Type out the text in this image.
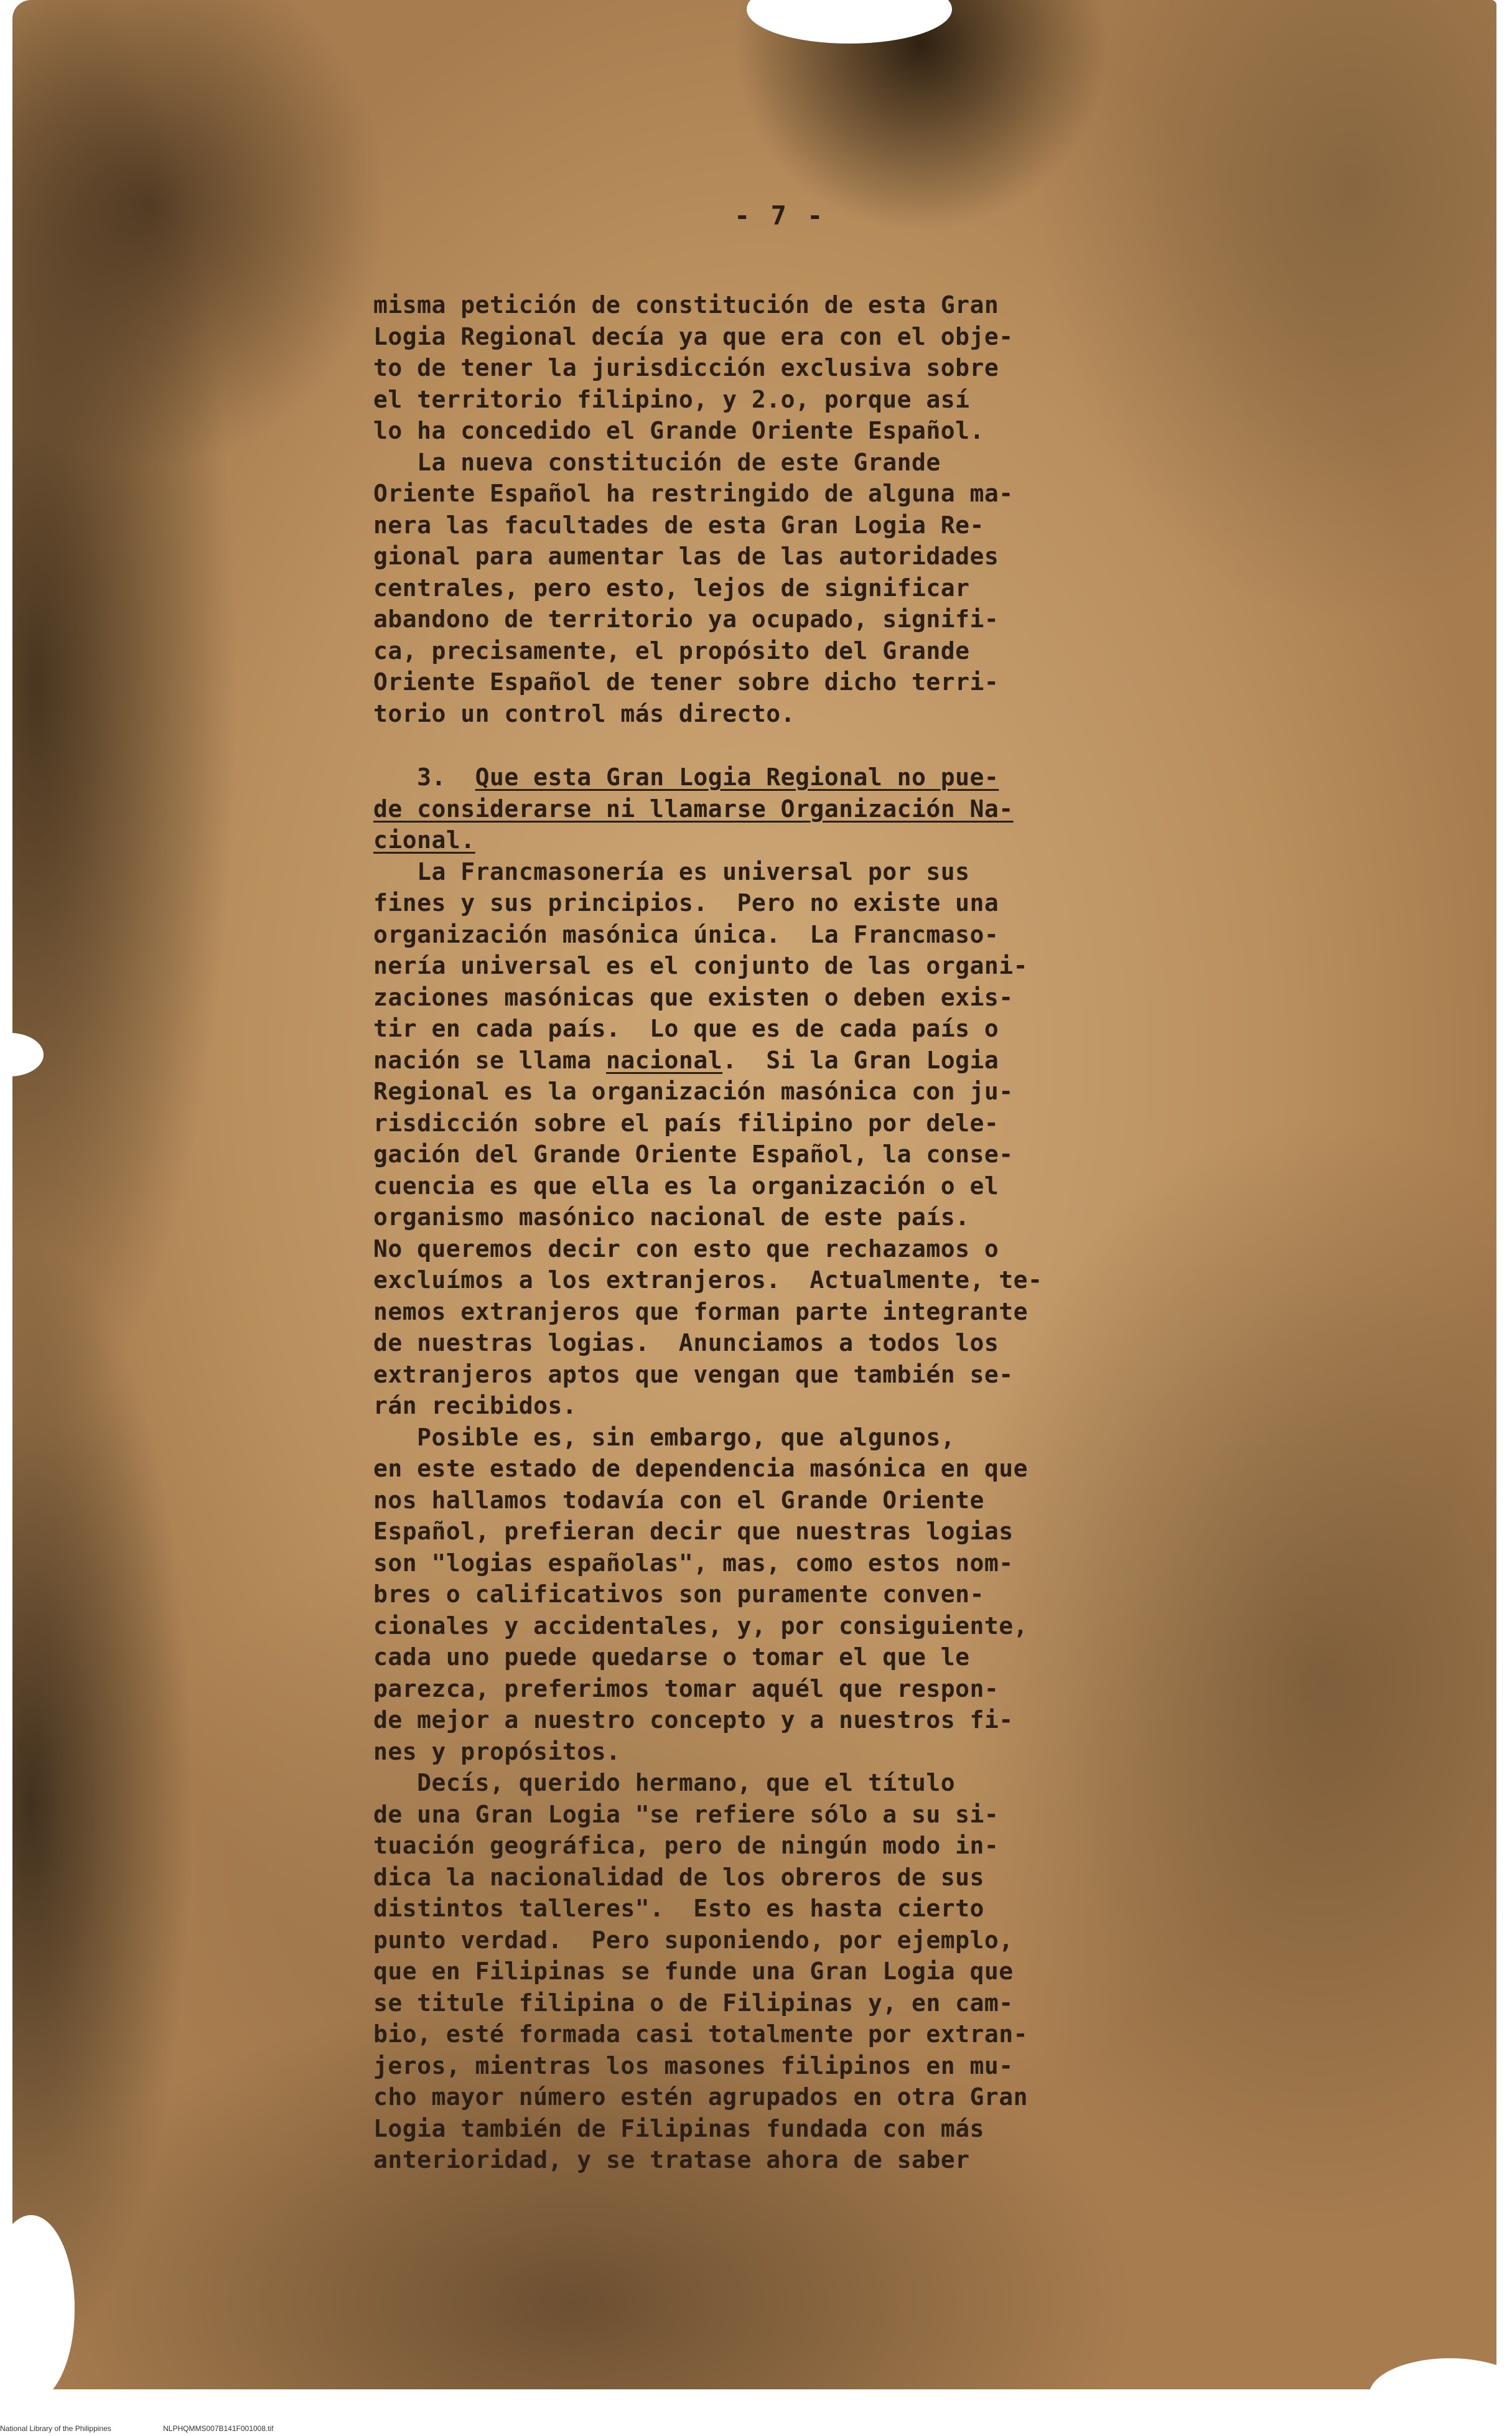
- 7 -
misma petición de constitución de esta Gran
Logia Regional decía ya que era con el obje-
to de tener la jurisdicción exclusiva sobre
el territorio filipino, y 2.o, porque así
lo ha concedido el Grande Oriente Español.
La nueva constitución de este Grande
Oriente Español ha restringido de alguna ma-
nera las facultades de esta Gran Logia Re-
gional para aumentar las de las autoridades
centrales, pero esto, lejos de significar
abandono de territorio ya ocupado, signifi-
ca, precisamente, el propósito del Grande
Oriente Español de tener sobre dicho terri-
torio un control más directo.
3.  Que esta Gran Logia Regional no pue-
de considerarse ni llamarse Organización Na-
cional.
La Francmasonería es universal por sus
fines y sus principios.  Pero no existe una
organización masónica única.  La Francmaso-
nería universal es el conjunto de las organi-
zaciones masónicas que existen o deben exis-
tir en cada país.  Lo que es de cada país o
nación se llama nacional.  Si la Gran Logia
Regional es la organización masónica con ju-
risdicción sobre el país filipino por dele-
gación del Grande Oriente Español, la conse-
cuencia es que ella es la organización o el
organismo masónico nacional de este país.
No queremos decir con esto que rechazamos o
excluímos a los extranjeros.  Actualmente, te-
nemos extranjeros que forman parte integrante
de nuestras logias.  Anunciamos a todos los
extranjeros aptos que vengan que también se-
rán recibidos.
Posible es, sin embargo, que algunos,
en este estado de dependencia masónica en que
nos hallamos todavía con el Grande Oriente
Español, prefieran decir que nuestras logias
son "logias españolas", mas, como estos nom-
bres o calificativos son puramente conven-
cionales y accidentales, y, por consiguiente,
cada uno puede quedarse o tomar el que le
parezca, preferimos tomar aquél que respon-
de mejor a nuestro concepto y a nuestros fi-
nes y propósitos.
Decís, querido hermano, que el título
de una Gran Logia "se refiere sólo a su si-
tuación geográfica, pero de ningún modo in-
dica la nacionalidad de los obreros de sus
distintos talleres".  Esto es hasta cierto
punto verdad.  Pero suponiendo, por ejemplo,
que en Filipinas se funde una Gran Logia que
se titule filipina o de Filipinas y, en cam-
bio, esté formada casi totalmente por extran-
jeros, mientras los masones filipinos en mu-
cho mayor número estén agrupados en otra Gran
Logia también de Filipinas fundada con más
anterioridad, y se tratase ahora de saber
National Library of the Philippines	NLPHQMMS007B141F001008.tif
